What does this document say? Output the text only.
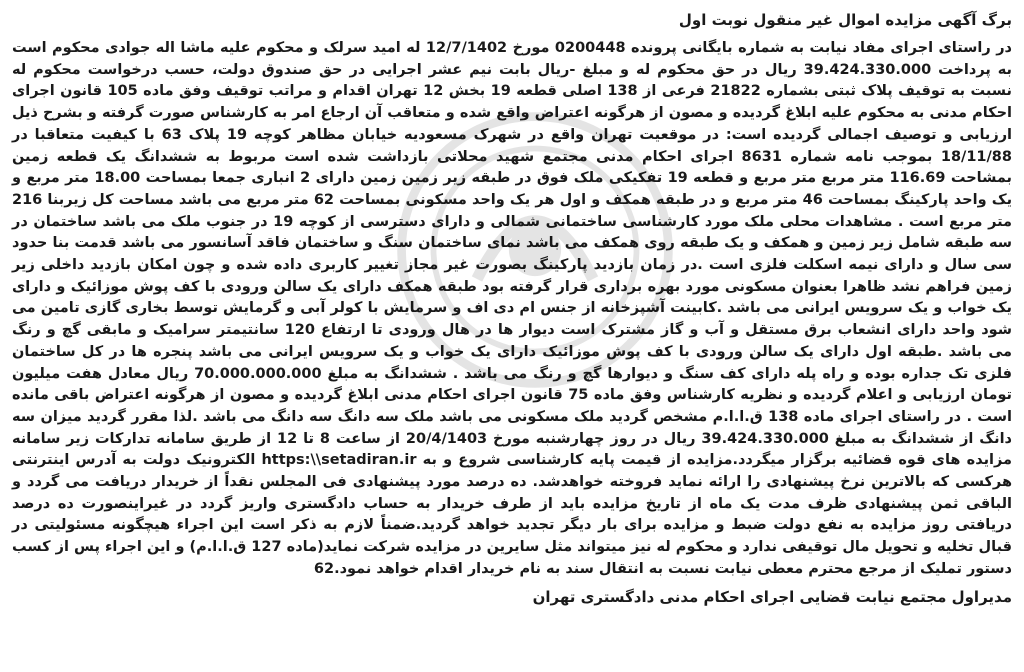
برگ آگهی مزایده اموال غیر منقول نوبت اول

در راستای اجرای مفاد نیابت به شماره بایگانی پرونده 0200448 مورخ 12/7/1402 له امید سرلک و محکوم علیه ماشا اله جوادی محکوم است به پرداخت 39.424.330.000 ریال در حق محکوم له و مبلغ -ریال بابت نیم عشر اجرایی در حق صندوق دولت، حسب درخواست محکوم له نسبت به توقیف پلاک ثبتی بشماره 21822 فرعی از 138 اصلی قطعه 19 بخش 12 تهران اقدام و مراتب توقیف وفق ماده 105 قانون اجرای احکام مدنی به محکوم علیه ابلاغ گردیده و مصون از هرگونه اعتراض واقع شده و متعاقب آن ارجاع امر به کارشناس صورت گرفته و بشرح ذیل ارزیابی و توصیف اجمالی گردیده است: در موقعیت تهران واقع در شهرک مسعودیه خیابان مظاهر کوچه 19 پلاک 63 با کیفیت متعاقبا در 18/11/88 بموجب نامه شماره 8631 اجرای احکام مدنی مجتمع شهید محلاتی بازداشت شده است مربوط به ششدانگ یک قطعه زمین بمشاحت 116.69 متر مربع متر مربع و قطعه 19 تفکیکی ملک فوق در طبقه زیر زمین زمین دارای 2 انباری جمعا بمساحت 18.00 متر مربع و یک واحد پارکینگ بمساحت 46 متر مربع و در طبقه همکف و اول هر یک واحد مسکونی بمساحت 62 متر مربع می باشد مساحت کل زیربنا 216 متر مربع است . مشاهدات محلی ملک مورد کارشناسی ساختمانی شمالی و دارای دسترسی از کوچه 19 در جنوب ملک می باشد ساختمان در سه طبقه شامل زیر زمین و همکف و یک طبقه روی همکف می باشد نمای ساختمان سنگ و ساختمان فاقد آسانسور می باشد قدمت بنا حدود سی سال و دارای نیمه اسکلت فلزی است .در زمان بازدید پارکینگ بصورت غیر مجاز تغییر کاربری داده شده و چون امکان بازدید داخلی زیر زمین فراهم نشد ظاهرا بعنوان مسکونی مورد بهره برداری قرار گرفته بود طبقه همکف دارای یک سالن ورودی با کف پوش موزائیک و دارای یک خواب و یک سرویس ایرانی می باشد .کابینت آشپزخانه از جنس ام دی اف و سرمایش با کولر آبی و گرمایش توسط بخاری گازی تامین می شود واحد دارای انشعاب برق مستقل و آب و گاز مشترک است دیوار ها در هال ورودی تا ارتفاع 120 سانتیمتر سرامیک و مابقی گچ و رنگ می باشد .طبقه اول دارای یک سالن ورودی با کف پوش موزائیک دارای یک خواب و یک سرویس ایرانی می باشد پنجره ها در کل ساختمان فلزی تک جداره بوده و راه پله دارای کف سنگ و دیوارها گچ و رنگ می باشد . ششدانگ به مبلغ 70.000.000.000 ریال معادل هفت میلیون تومان ارزیابی و اعلام گردیده و نظریه کارشناس وفق ماده 75 قانون اجرای احکام مدنی ابلاغ گردیده و مصون از هرگونه اعتراض باقی مانده است . در راستای اجرای ماده 138 ق.ا.ا.م مشخص گردید ملک مسکونی می باشد ملک سه دانگ سه دانگ می باشد .لذا مقرر گردید میزان سه دانگ از ششدانگ به مبلغ 39.424.330.000 ریال در روز چهارشنبه مورخ 20/4/1403 از ساعت 8 تا 12 از طریق سامانه تدارکات زیر سامانه مزایده های قوه قضائیه برگزار میگردد.مزایده از قیمت پایه کارشناسی شروع و به https:\\setadiran.ir الکترونیک دولت به آدرس اینترنتی هرکسی که بالاترین نرخ پیشنهادی را ارائه نماید فروخته خواهدشد. ده درصد مورد پیشنهادی فی المجلس نقداً از خریدار دریافت می گردد و الباقی ثمن پیشنهادی ظرف مدت یک ماه از تاریخ مزایده باید از طرف خریدار به حساب دادگستری واریز گردد در غیراینصورت ده درصد دریافتی روز مزایده به نفع دولت ضبط و مزایده برای بار دیگر تجدید خواهد گردید.ضمناً لازم به ذکر است این اجراء هیچگونه مسئولیتی در قبال تخلیه و تحویل مال توقیفی ندارد و محکوم له نیز میتواند مثل سایرین در مزایده شرکت نماید(ماده 127 ق.ا.ا.م) و این اجراء پس از کسب دستور تملیک از مرجع محترم معطی نیابت نسبت به انتقال سند به نام خریدار اقدام خواهد نمود.62

مدیراول مجتمع نیابت قضایی اجرای احکام مدنی دادگستری تهران
